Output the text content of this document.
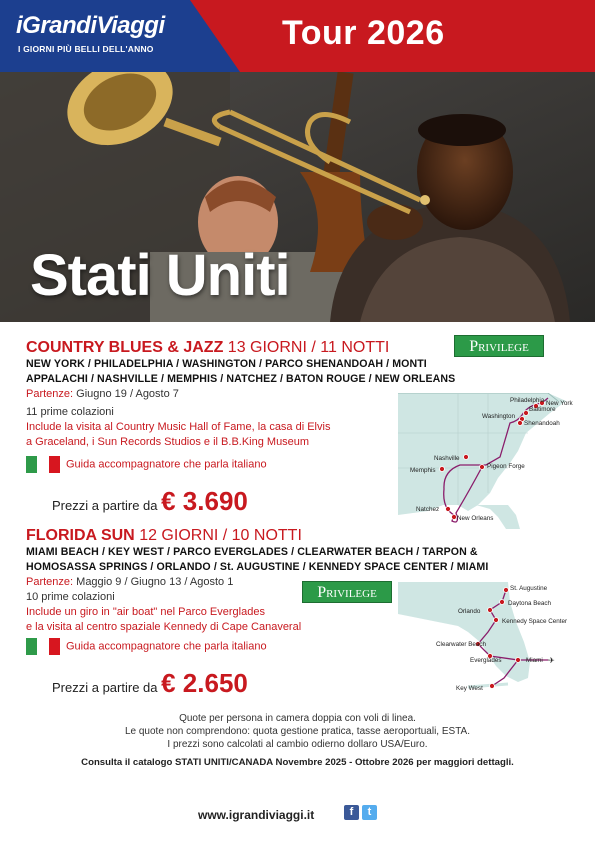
iGrandiViaggi
I GIORNI PIÙ BELLI DELL'ANNO	Tour 2026
Stati Uniti
COUNTRY BLUES & JAZZ 13 GIORNI / 11 NOTTI
NEW YORK / PHILADELPHIA / WASHINGTON / PARCO SHENANDOAH / MONTI
APPALACHI / NASHVILLE / MEMPHIS / NATCHEZ / BATON ROUGE / NEW ORLEANS
Partenze: Giugno 19 / Agosto 7
11 prime colazioni
Include la visita al Country Music Hall of Fame, la casa di Elvis
a Graceland, i Sun Records Studios e il B.B.King Museum
Guida accompagnatore che parla italiano
Privilege
Prezzi a partire da € 3.690
Philadelphia New York
Baltimore
Washington
Shenandoah
Nashville
Pigeon Forge
Memphis
Natchez
New Orleans
FLORIDA SUN 12 GIORNI / 10 NOTTI
MIAMI BEACH / KEY WEST / PARCO EVERGLADES / CLEARWATER BEACH / TARPON &
HOMOSASSA SPRINGS / ORLANDO / St. AUGUSTINE / KENNEDY SPACE CENTER / MIAMI
Partenze: Maggio 9 / Giugno 13 / Agosto 1
10 prime colazioni
Include un giro in "air boat" nel Parco Everglades
e la visita al centro spaziale Kennedy di Cape Canaveral
Guida accompagnatore che parla italiano
Privilege
Prezzi a partire da € 2.650
✈
St. Augustine
Daytona Beach
Orlando
Kennedy Space Center
Clearwater Beach
Everglades	Miami
Key West
Quote per persona in camera doppia con voli di linea.
Le quote non comprendono: quota gestione pratica, tasse aeroportuali, ESTA.
I prezzi sono calcolati al cambio odierno dollaro USA/Euro.
Consulta il catalogo STATI UNITI/CANADA Novembre 2025 - Ottobre 2026 per maggiori dettagli.
www.igrandiviaggi.it	f	t
